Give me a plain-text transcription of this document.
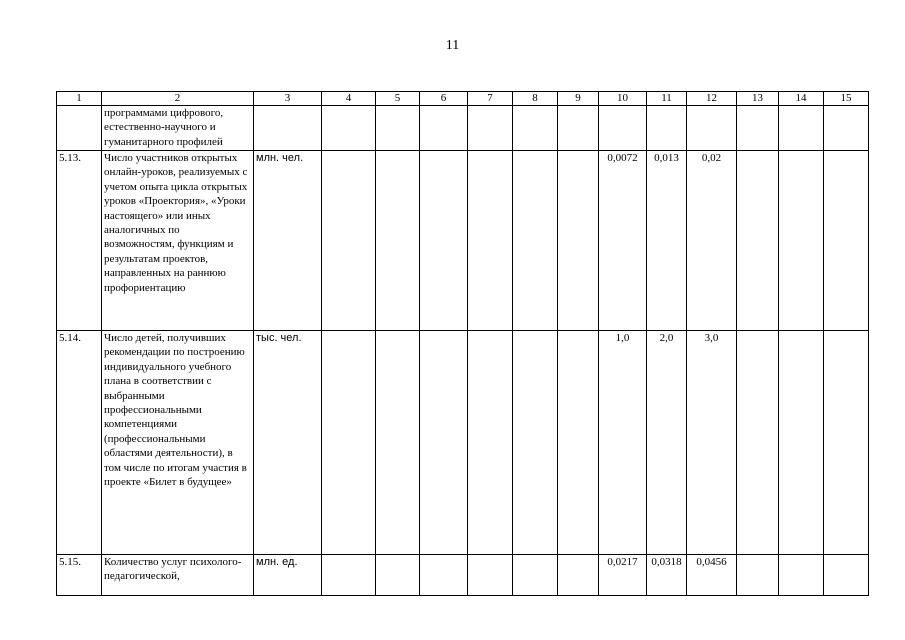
11
1	2	3	4	5	6	7	8	9	10	11	12	13	14	15
	программами цифрового, естественно-научного и гуманитарного профилей													
5.13.	Число участников открытых онлайн-уроков, реализуемых с учетом опыта цикла открытых уроков «Проектория», «Уроки настоящего» или иных аналогичных по возможностям, функциям и результатам проектов, направленных на раннюю профориентацию	млн. чел.							0,0072	0,013	0,02			
5.14.	Число детей, получивших рекомендации по построению индивидуального учебного плана в соответствии с выбранными профессиональными компетенциями (профессиональными областями деятельности), в том числе по итогам участия в проекте «Билет в будущее»	тыс. чел.							1,0	2,0	3,0			
5.15.	Количество услуг психолого-педагогической,	млн. ед.							0,0217	0,0318	0,0456			
